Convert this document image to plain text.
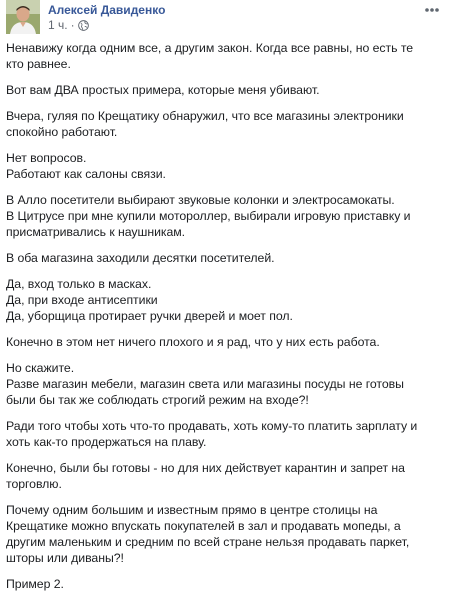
Алексей Давиденко
1 ч. ·
Ненавижу когда одним все, а другим закон. Когда все равны, но есть те
кто равнее.
Вот вам ДВА простых примера, которые меня убивают.
Вчера, гуляя по Крещатику обнаружил, что все магазины электроники
спокойно работают.
Нет вопросов.
Работают как салоны связи.
В Алло посетители выбирают звуковые колонки и электросамокаты.
В Цитрусе при мне купили мотороллер, выбирали игровую приставку и
присматривались к наушникам.
В оба магазина заходили десятки посетителей.
Да, вход только в масках.
Да, при входе антисептики
Да, уборщица протирает ручки дверей и моет пол.
Конечно в этом нет ничего плохого и я рад, что у них есть работа.
Но скажите.
Разве магазин мебели, магазин света или магазины посуды не готовы
были бы так же соблюдать строгий режим на входе?!
Ради того чтобы хоть что-то продавать, хоть кому-то платить зарплату и
хоть как-то продержаться на плаву.
Конечно, были бы готовы - но для них действует карантин и запрет на
торговлю.
Почему одним большим и известным прямо в центре столицы на
Крещатике можно впускать покупателей в зал и продавать мопеды, а
другим маленьким и средним по всей стране нельзя продавать паркет,
шторы или диваны?!
Пример 2.
